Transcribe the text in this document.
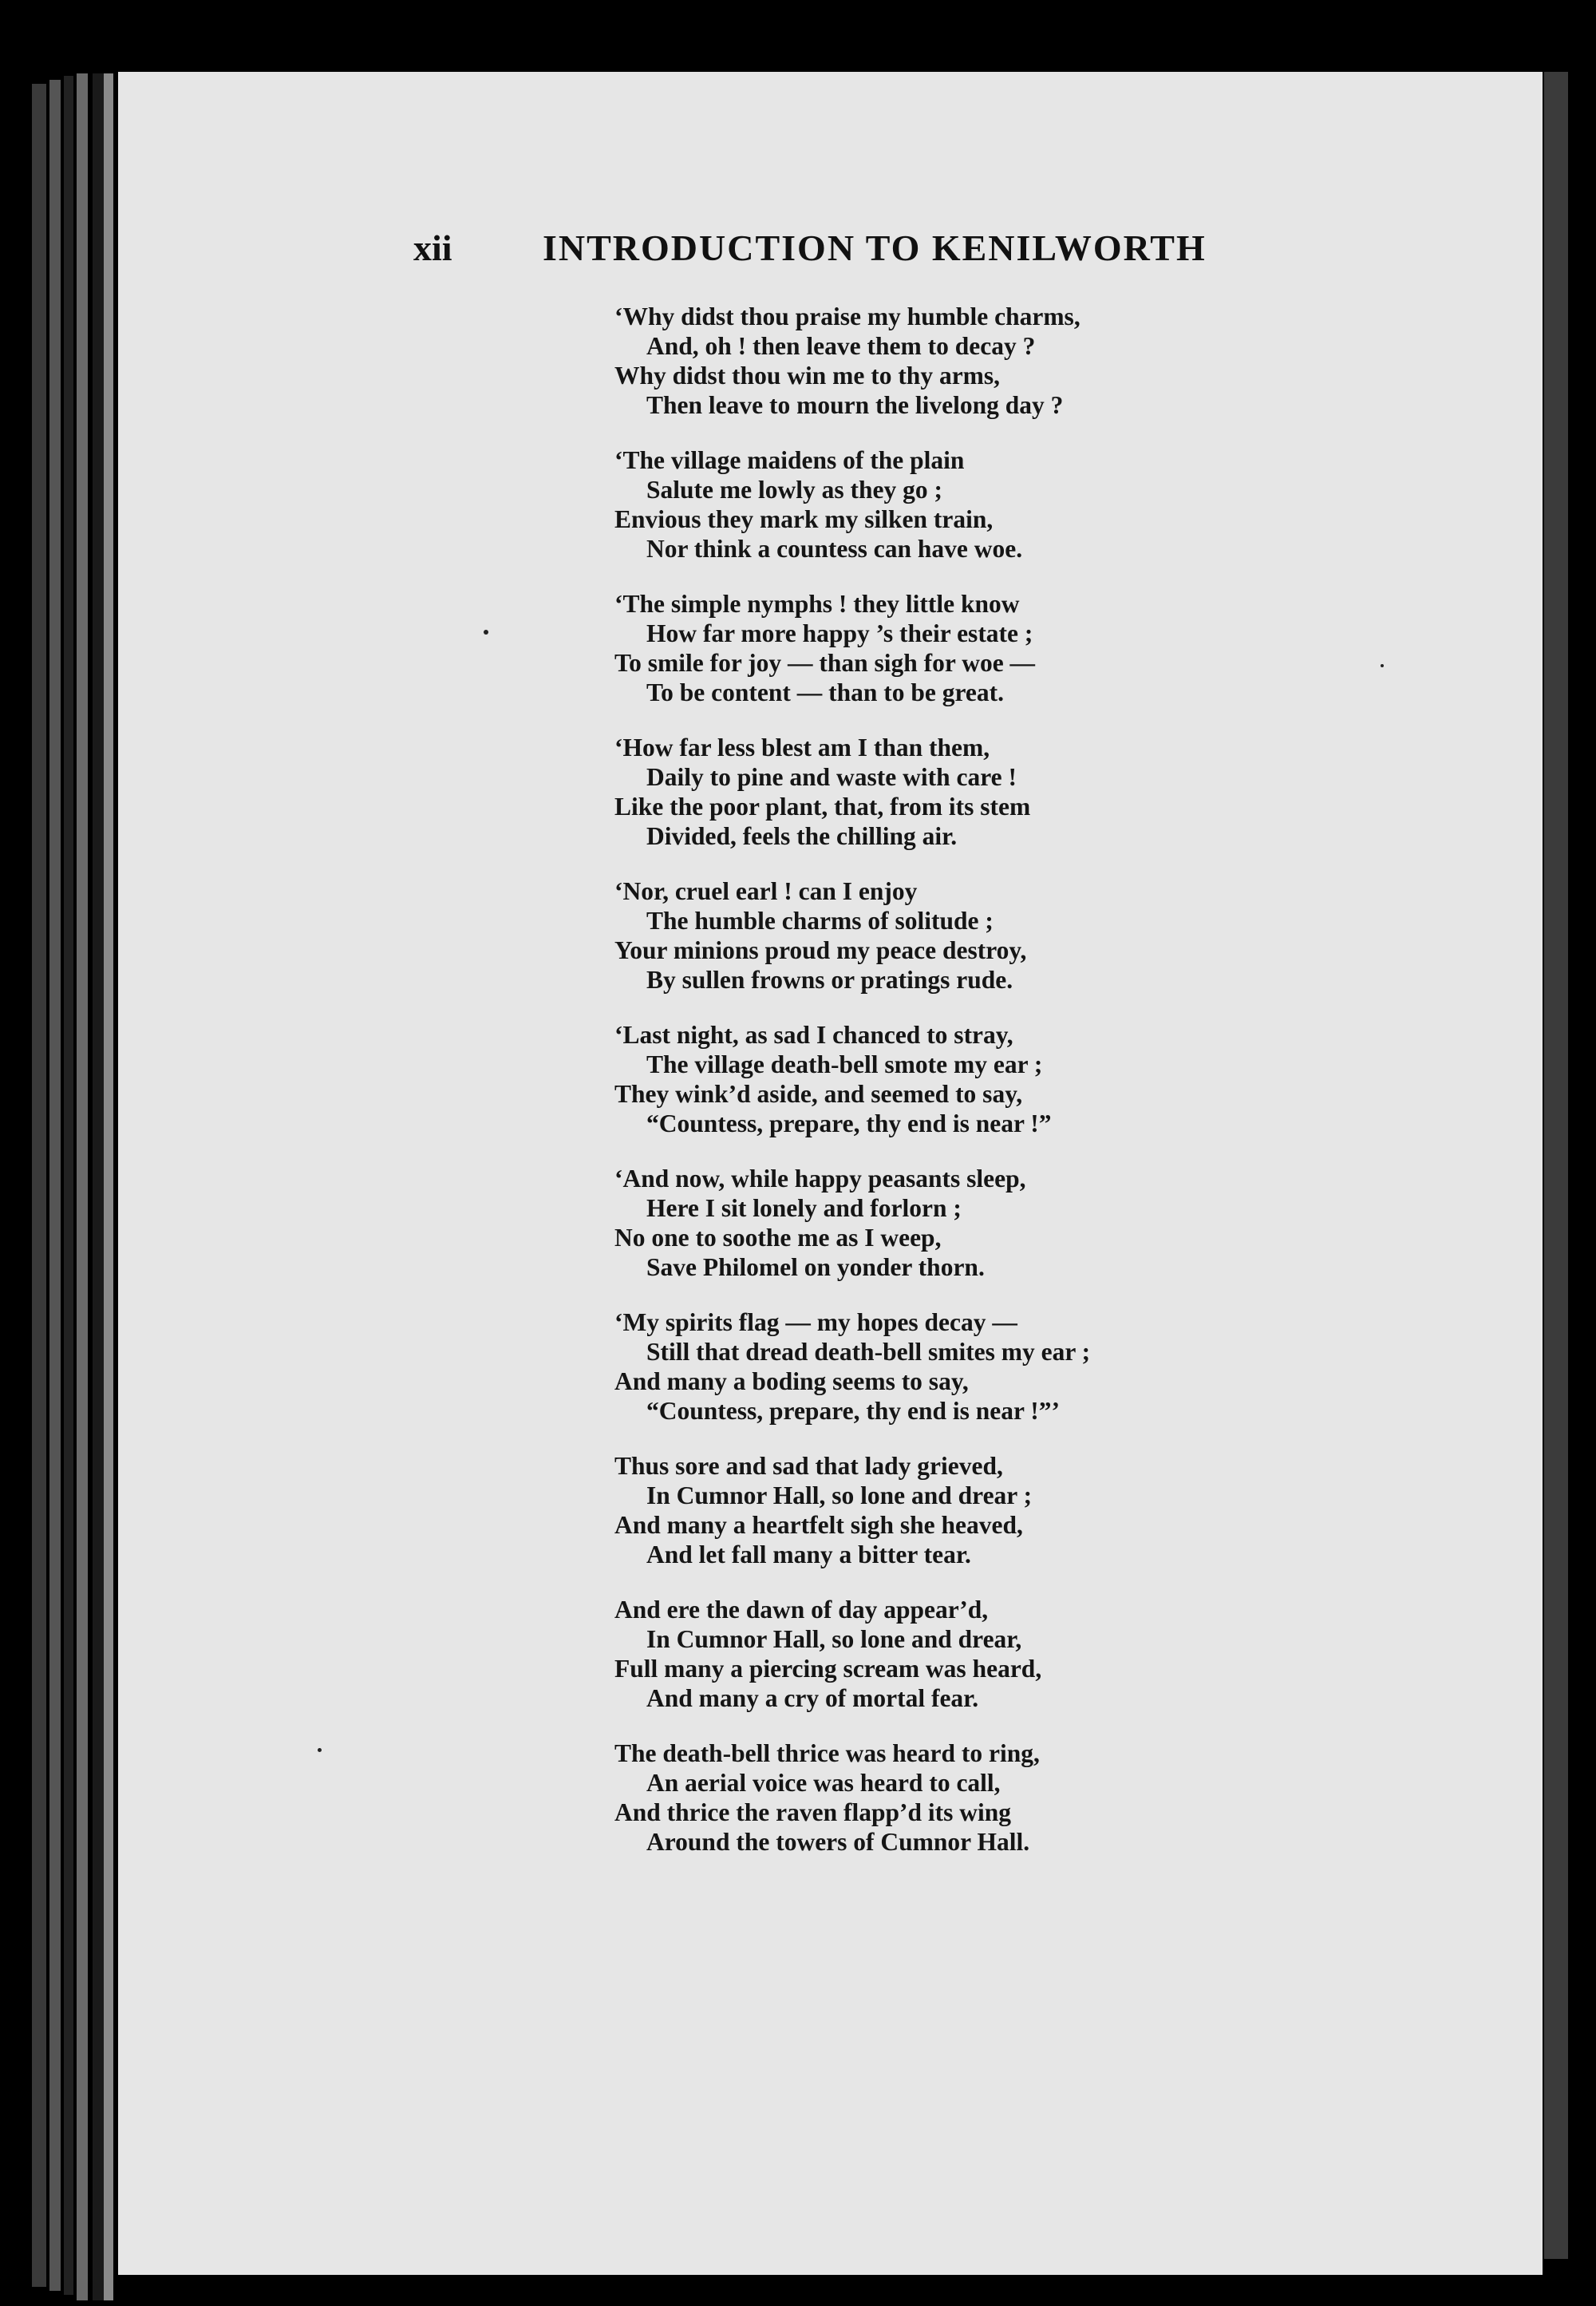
xii INTRODUCTION TO KENILWORTH
‘Why didst thou praise my humble charms,
And, oh ! then leave them to decay ?
Why didst thou win me to thy arms,
Then leave to mourn the livelong day ?
‘The village maidens of the plain
Salute me lowly as they go ;
Envious they mark my silken train,
Nor think a countess can have woe.
‘The simple nymphs ! they little know
How far more happy ’s their estate ;
To smile for joy — than sigh for woe —
To be content — than to be great.
‘How far less blest am I than them,
Daily to pine and waste with care !
Like the poor plant, that, from its stem
Divided, feels the chilling air.
‘Nor, cruel earl ! can I enjoy
The humble charms of solitude ;
Your minions proud my peace destroy,
By sullen frowns or pratings rude.
‘Last night, as sad I chanced to stray,
The village death-bell smote my ear ;
They wink’d aside, and seemed to say,
“Countess, prepare, thy end is near !”
‘And now, while happy peasants sleep,
Here I sit lonely and forlorn ;
No one to soothe me as I weep,
Save Philomel on yonder thorn.
‘My spirits flag — my hopes decay —
Still that dread death-bell smites my ear ;
And many a boding seems to say,
“Countess, prepare, thy end is near !”’
Thus sore and sad that lady grieved,
In Cumnor Hall, so lone and drear ;
And many a heartfelt sigh she heaved,
And let fall many a bitter tear.
And ere the dawn of day appear’d,
In Cumnor Hall, so lone and drear,
Full many a piercing scream was heard,
And many a cry of mortal fear.
The death-bell thrice was heard to ring,
An aerial voice was heard to call,
And thrice the raven flapp’d its wing
Around the towers of Cumnor Hall.
